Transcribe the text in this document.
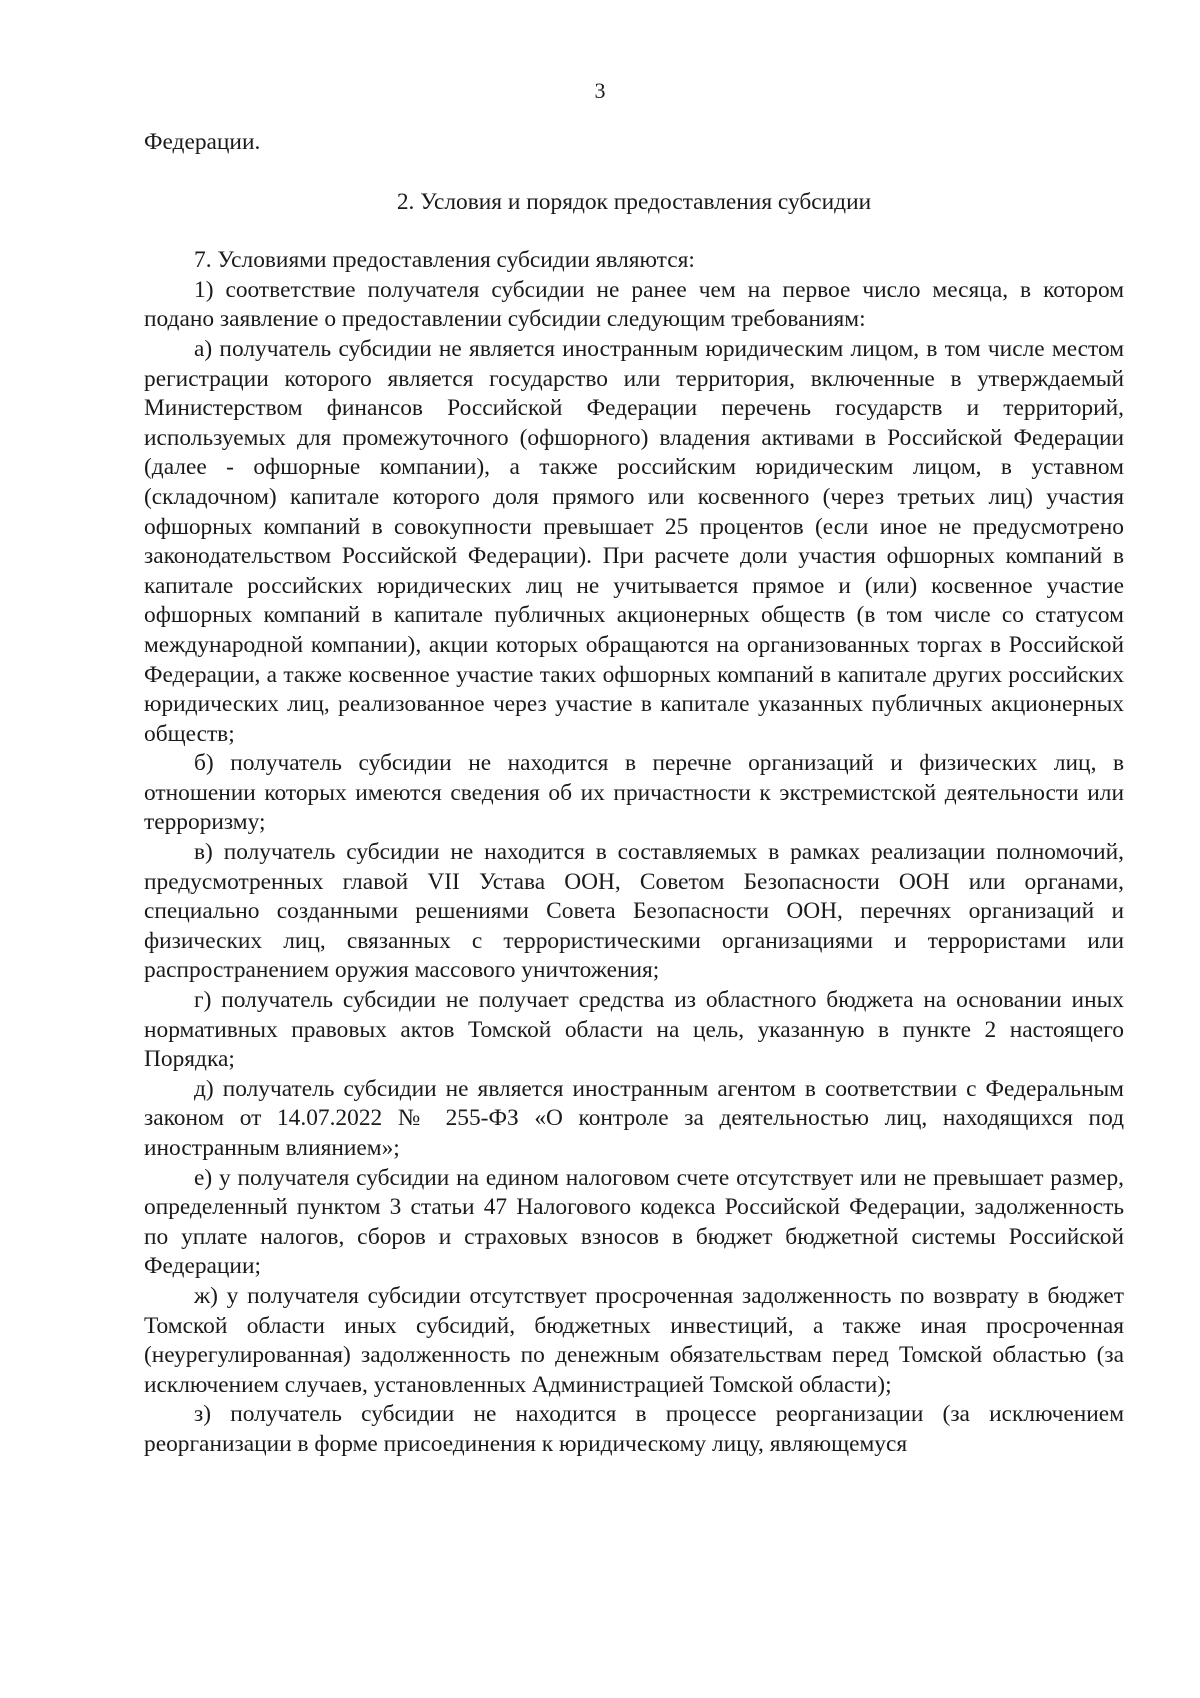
3

Федерации.

2. Условия и порядок предоставления субсидии

7. Условиями предоставления субсидии являются:

1) соответствие получателя субсидии не ранее чем на первое число месяца, в котором подано заявление о предоставлении субсидии следующим требованиям:

а) получатель субсидии не является иностранным юридическим лицом, в том числе местом регистрации которого является государство или территория, включенные в утверждаемый Министерством финансов Российской Федерации перечень государств и территорий, используемых для промежуточного (офшорного) владения активами в Российской Федерации (далее - офшорные компании), а также российским юридическим лицом, в уставном (складочном) капитале которого доля прямого или косвенного (через третьих лиц) участия офшорных компаний в совокупности превышает 25 процентов (если иное не предусмотрено законодательством Российской Федерации). При расчете доли участия офшорных компаний в капитале российских юридических лиц не учитывается прямое и (или) косвенное участие офшорных компаний в капитале публичных акционерных обществ (в том числе со статусом международной компании), акции которых обращаются на организованных торгах в Российской Федерации, а также косвенное участие таких офшорных компаний в капитале других российских юридических лиц, реализованное через участие в капитале указанных публичных акционерных обществ;

б) получатель субсидии не находится в перечне организаций и физических лиц, в отношении которых имеются сведения об их причастности к экстремистской деятельности или терроризму;

в) получатель субсидии не находится в составляемых в рамках реализации полномочий, предусмотренных главой VII Устава ООН, Советом Безопасности ООН или органами, специально созданными решениями Совета Безопасности ООН, перечнях организаций и физических лиц, связанных с террористическими организациями и террористами или распространением оружия массового уничтожения;

г) получатель субсидии не получает средства из областного бюджета на основании иных нормативных правовых актов Томской области на цель, указанную в пункте 2 настоящего Порядка;

д) получатель субсидии не является иностранным агентом в соответствии с Федеральным законом от 14.07.2022 № 255-ФЗ «О контроле за деятельностью лиц, находящихся под иностранным влиянием»;

е) у получателя субсидии на едином налоговом счете отсутствует или не превышает размер, определенный пунктом 3 статьи 47 Налогового кодекса Российской Федерации, задолженность по уплате налогов, сборов и страховых взносов в бюджет бюджетной системы Российской Федерации;

ж) у получателя субсидии отсутствует просроченная задолженность по возврату в бюджет Томской области иных субсидий, бюджетных инвестиций, а также иная просроченная (неурегулированная) задолженность по денежным обязательствам перед Томской областью (за исключением случаев, установленных Администрацией Томской области);

з) получатель субсидии не находится в процессе реорганизации (за исключением реорганизации в форме присоединения к юридическому лицу, являющемуся
